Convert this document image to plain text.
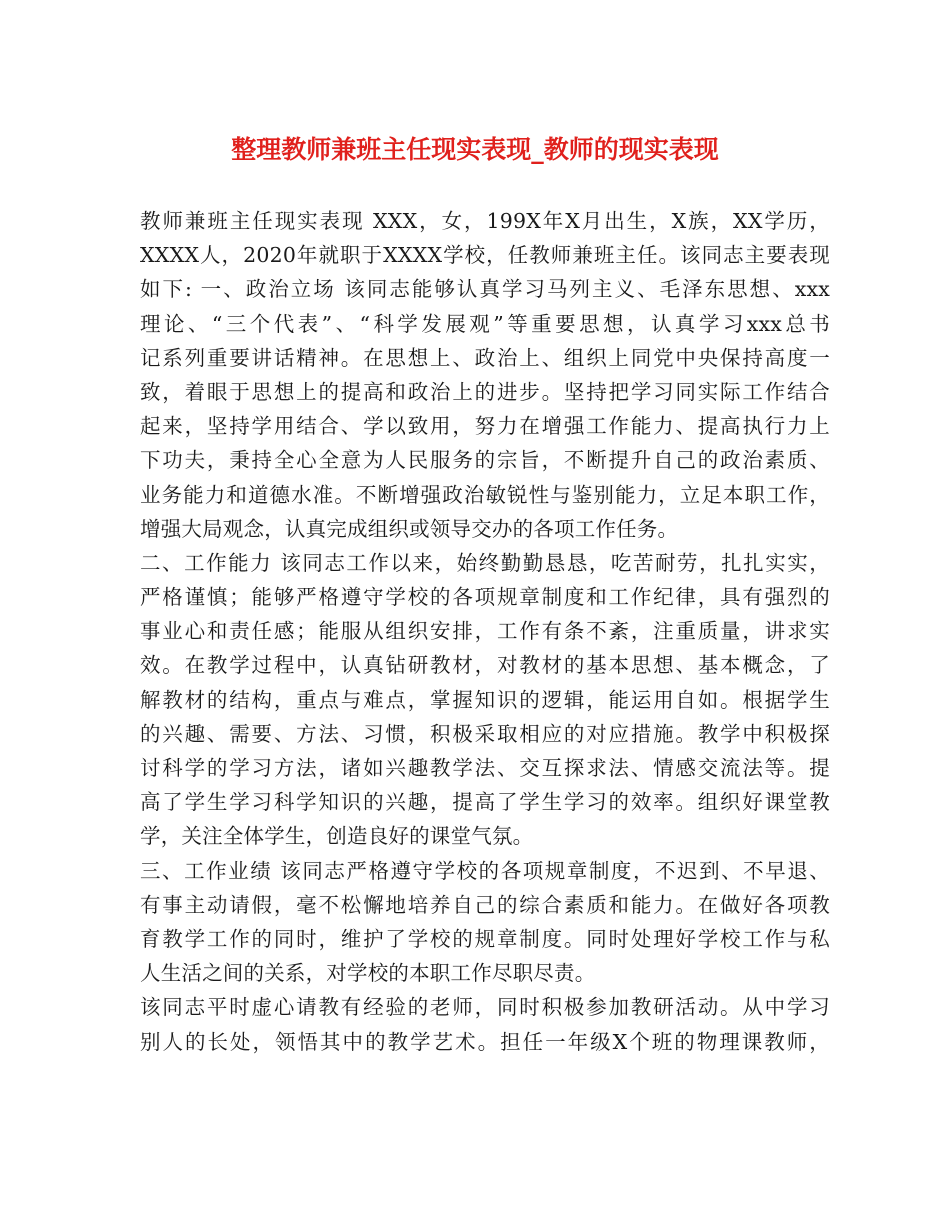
整理教师兼班主任现实表现_教师的现实表现
教师兼班主任现实表现 XXX，女，199X年X月出生，X族，XX学历，
XXXX人，2020年就职于XXXX学校，任教师兼班主任。该同志主要表现
如下: 一、政治立场 该同志能够认真学习马列主义、毛泽东思想、xxx
理论、“三个代表”、“科学发展观”等重要思想，认真学习xxx总书
记系列重要讲话精神。在思想上、政治上、组织上同党中央保持高度一
致，着眼于思想上的提高和政治上的进步。坚持把学习同实际工作结合
起来，坚持学用结合、学以致用，努力在增强工作能力、提高执行力上
下功夫，秉持全心全意为人民服务的宗旨，不断提升自己的政治素质、
业务能力和道德水准。不断增强政治敏锐性与鉴别能力，立足本职工作，
增强大局观念，认真完成组织或领导交办的各项工作任务。
二、工作能力 该同志工作以来，始终勤勤恳恳，吃苦耐劳，扎扎实实，
严格谨慎；能够严格遵守学校的各项规章制度和工作纪律，具有强烈的
事业心和责任感；能服从组织安排，工作有条不紊，注重质量，讲求实
效。在教学过程中，认真钻研教材，对教材的基本思想、基本概念，了
解教材的结构，重点与难点，掌握知识的逻辑，能运用自如。根据学生
的兴趣、需要、方法、习惯，积极采取相应的对应措施。教学中积极探
讨科学的学习方法，诸如兴趣教学法、交互探求法、情感交流法等。提
高了学生学习科学知识的兴趣，提高了学生学习的效率。组织好课堂教
学，关注全体学生，创造良好的课堂气氛。
三、工作业绩 该同志严格遵守学校的各项规章制度，不迟到、不早退、
有事主动请假，毫不松懈地培养自己的综合素质和能力。在做好各项教
育教学工作的同时，维护了学校的规章制度。同时处理好学校工作与私
人生活之间的关系，对学校的本职工作尽职尽责。
该同志平时虚心请教有经验的老师，同时积极参加教研活动。从中学习
别人的长处，领悟其中的教学艺术。担任一年级X个班的物理课教师，
